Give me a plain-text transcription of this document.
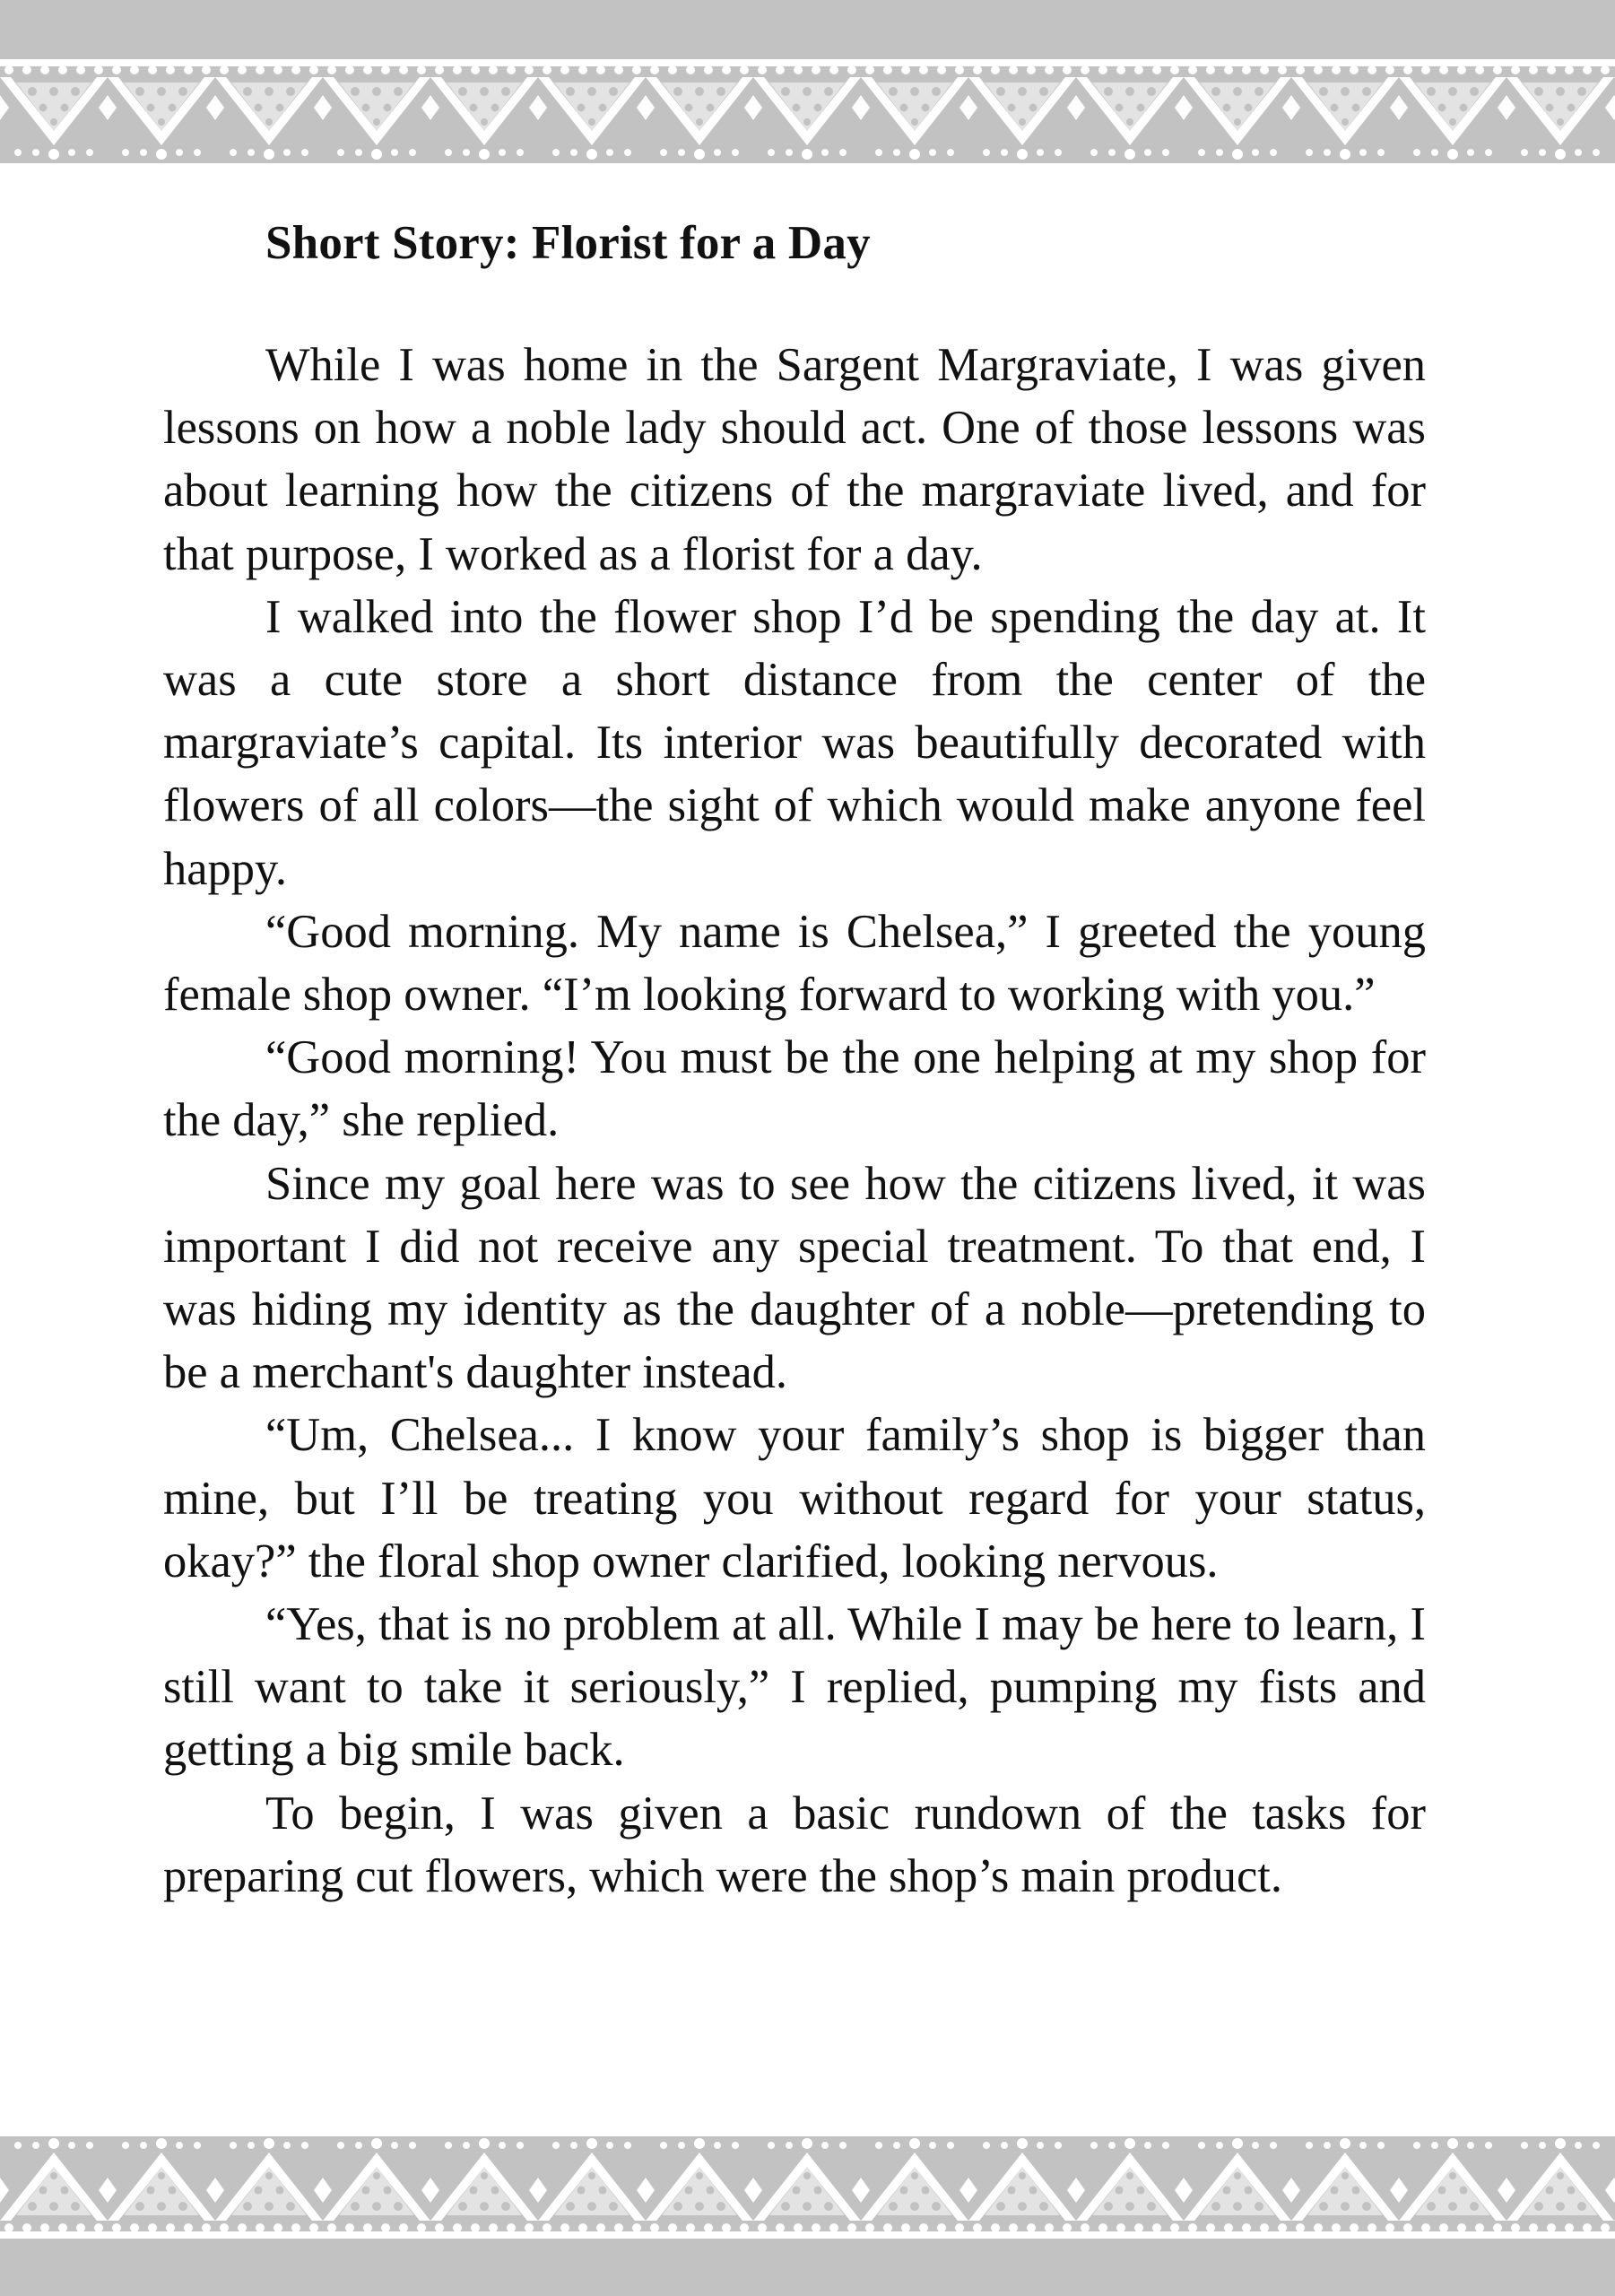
Short Story: Florist for a Day

While I was home in the Sargent Margraviate, I was given lessons on how a noble lady should act. One of those lessons was about learning how the citizens of the margraviate lived, and for that purpose, I worked as a florist for a day.

I walked into the flower shop I’d be spending the day at. It was a cute store a short distance from the center of the margraviate’s capital. Its interior was beautifully decorated with flowers of all colors—the sight of which would make anyone feel happy.

“Good morning. My name is Chelsea,” I greeted the young female shop owner. “I’m looking forward to working with you.”

“Good morning! You must be the one helping at my shop for the day,” she replied.

Since my goal here was to see how the citizens lived, it was important I did not receive any special treatment. To that end, I was hiding my identity as the daughter of a noble—pretending to be a merchant's daughter instead.

“Um, Chelsea... I know your family’s shop is bigger than mine, but I’ll be treating you without regard for your status, okay?” the floral shop owner clarified, looking nervous.

“Yes, that is no problem at all. While I may be here to learn, I still want to take it seriously,” I replied, pumping my fists and getting a big smile back.

To begin, I was given a basic rundown of the tasks for preparing cut flowers, which were the shop’s main product.
